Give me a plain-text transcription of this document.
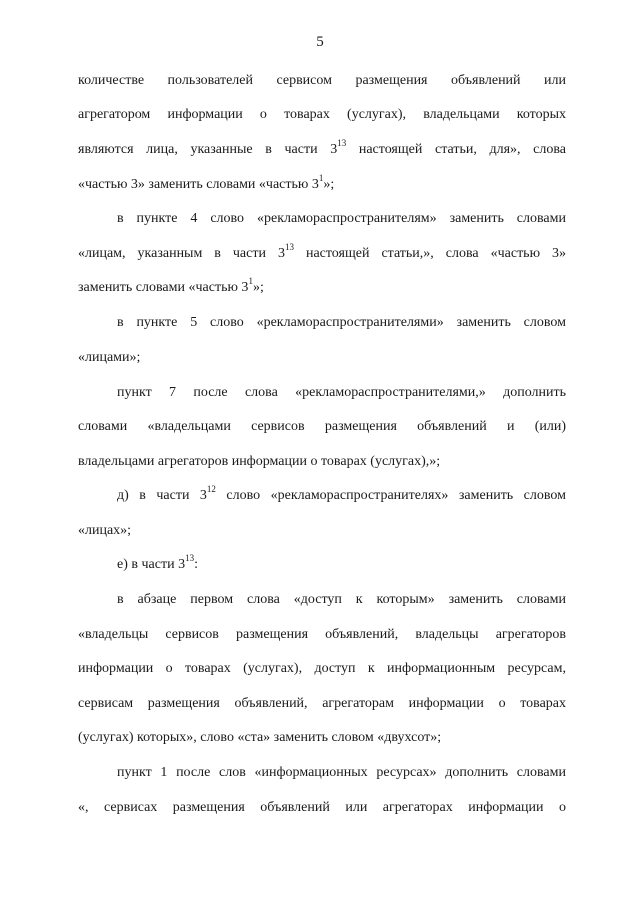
5
количестве пользователей сервисом размещения объявлений или
агрегатором информации о товарах (услугах), владельцами которых
являются лица, указанные в части $3^{13}$ настоящей статьи, для», слова
«частью 3» заменить словами «частью $3^1$»;
в пункте 4 слово «рекламораспространителям» заменить словами
«лицам, указанным в части $3^{13}$ настоящей статьи,», слова «частью 3»
заменить словами «частью $3^1$»;
в пункте 5 слово «рекламораспространителями» заменить словом
«лицами»;
пункт 7 после слова «рекламораспространителями,» дополнить
словами «владельцами сервисов размещения объявлений и (или)
владельцами агрегаторов информации о товарах (услугах),»;
д) в части $3^{12}$ слово «рекламораспространителях» заменить словом
«лицах»;
е) в части $3^{13}$:
в абзаце первом слова «доступ к которым» заменить словами
«владельцы сервисов размещения объявлений, владельцы агрегаторов
информации о товарах (услугах), доступ к информационным ресурсам,
сервисам размещения объявлений, агрегаторам информации о товарах
(услугах) которых», слово «ста» заменить словом «двухсот»;
пункт 1 после слов «информационных ресурсах» дополнить словами
«, сервисах размещения объявлений или агрегаторах информации о
